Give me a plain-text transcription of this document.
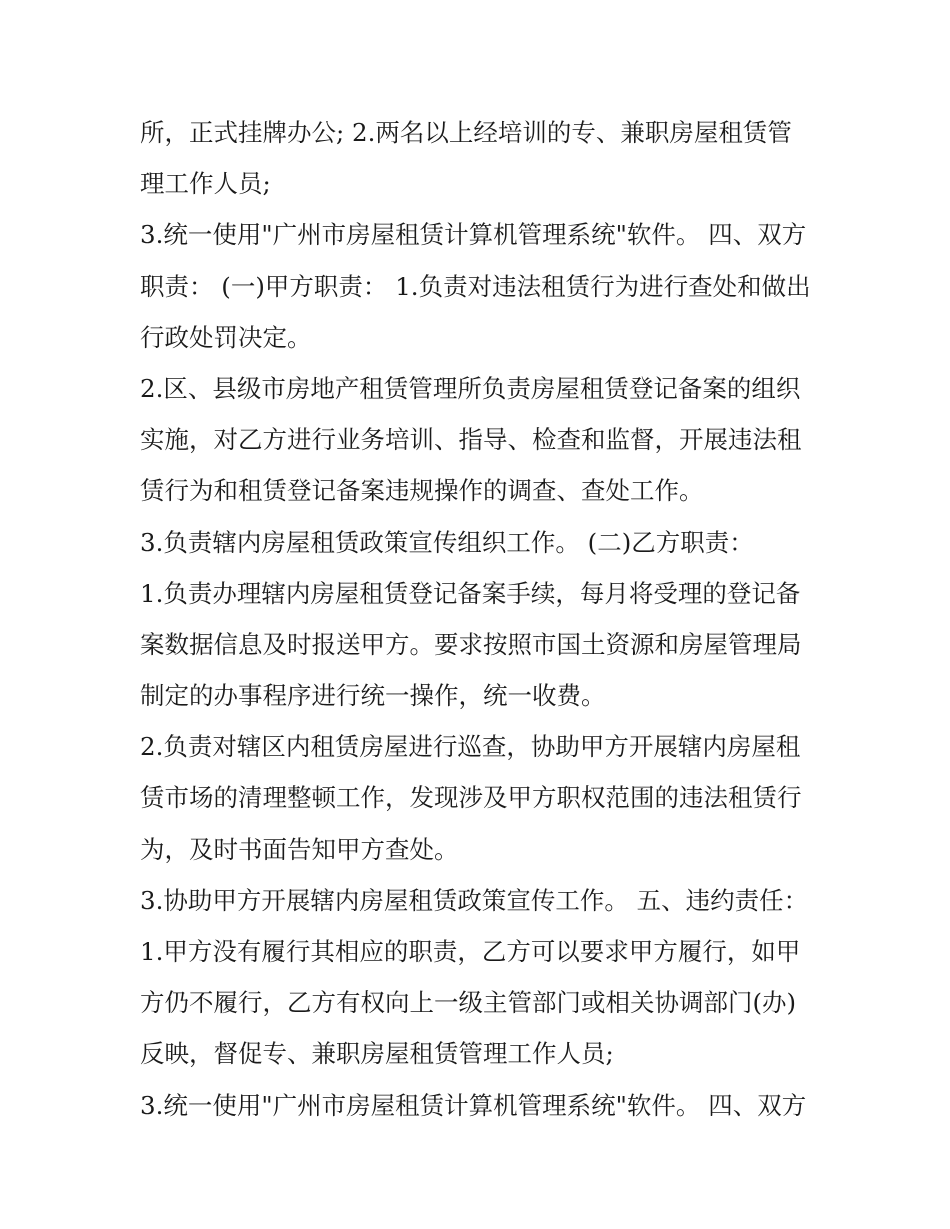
所，正式挂牌办公; 2.两名以上经培训的专、兼职房屋租赁管
理工作人员;
3.统一使用"广州市房屋租赁计算机管理系统"软件。 四、双方
职责： (一)甲方职责： 1.负责对违法租赁行为进行查处和做出
行政处罚决定。
2.区、县级市房地产租赁管理所负责房屋租赁登记备案的组织
实施，对乙方进行业务培训、指导、检查和监督，开展违法租
赁行为和租赁登记备案违规操作的调查、查处工作。
3.负责辖内房屋租赁政策宣传组织工作。 (二)乙方职责：
1.负责办理辖内房屋租赁登记备案手续，每月将受理的登记备
案数据信息及时报送甲方。要求按照市国土资源和房屋管理局
制定的办事程序进行统一操作，统一收费。
2.负责对辖区内租赁房屋进行巡查，协助甲方开展辖内房屋租
赁市场的清理整顿工作，发现涉及甲方职权范围的违法租赁行
为，及时书面告知甲方查处。
3.协助甲方开展辖内房屋租赁政策宣传工作。 五、违约责任：
1.甲方没有履行其相应的职责，乙方可以要求甲方履行，如甲
方仍不履行，乙方有权向上一级主管部门或相关协调部门(办)
反映，督促专、兼职房屋租赁管理工作人员;
3.统一使用"广州市房屋租赁计算机管理系统"软件。 四、双方
